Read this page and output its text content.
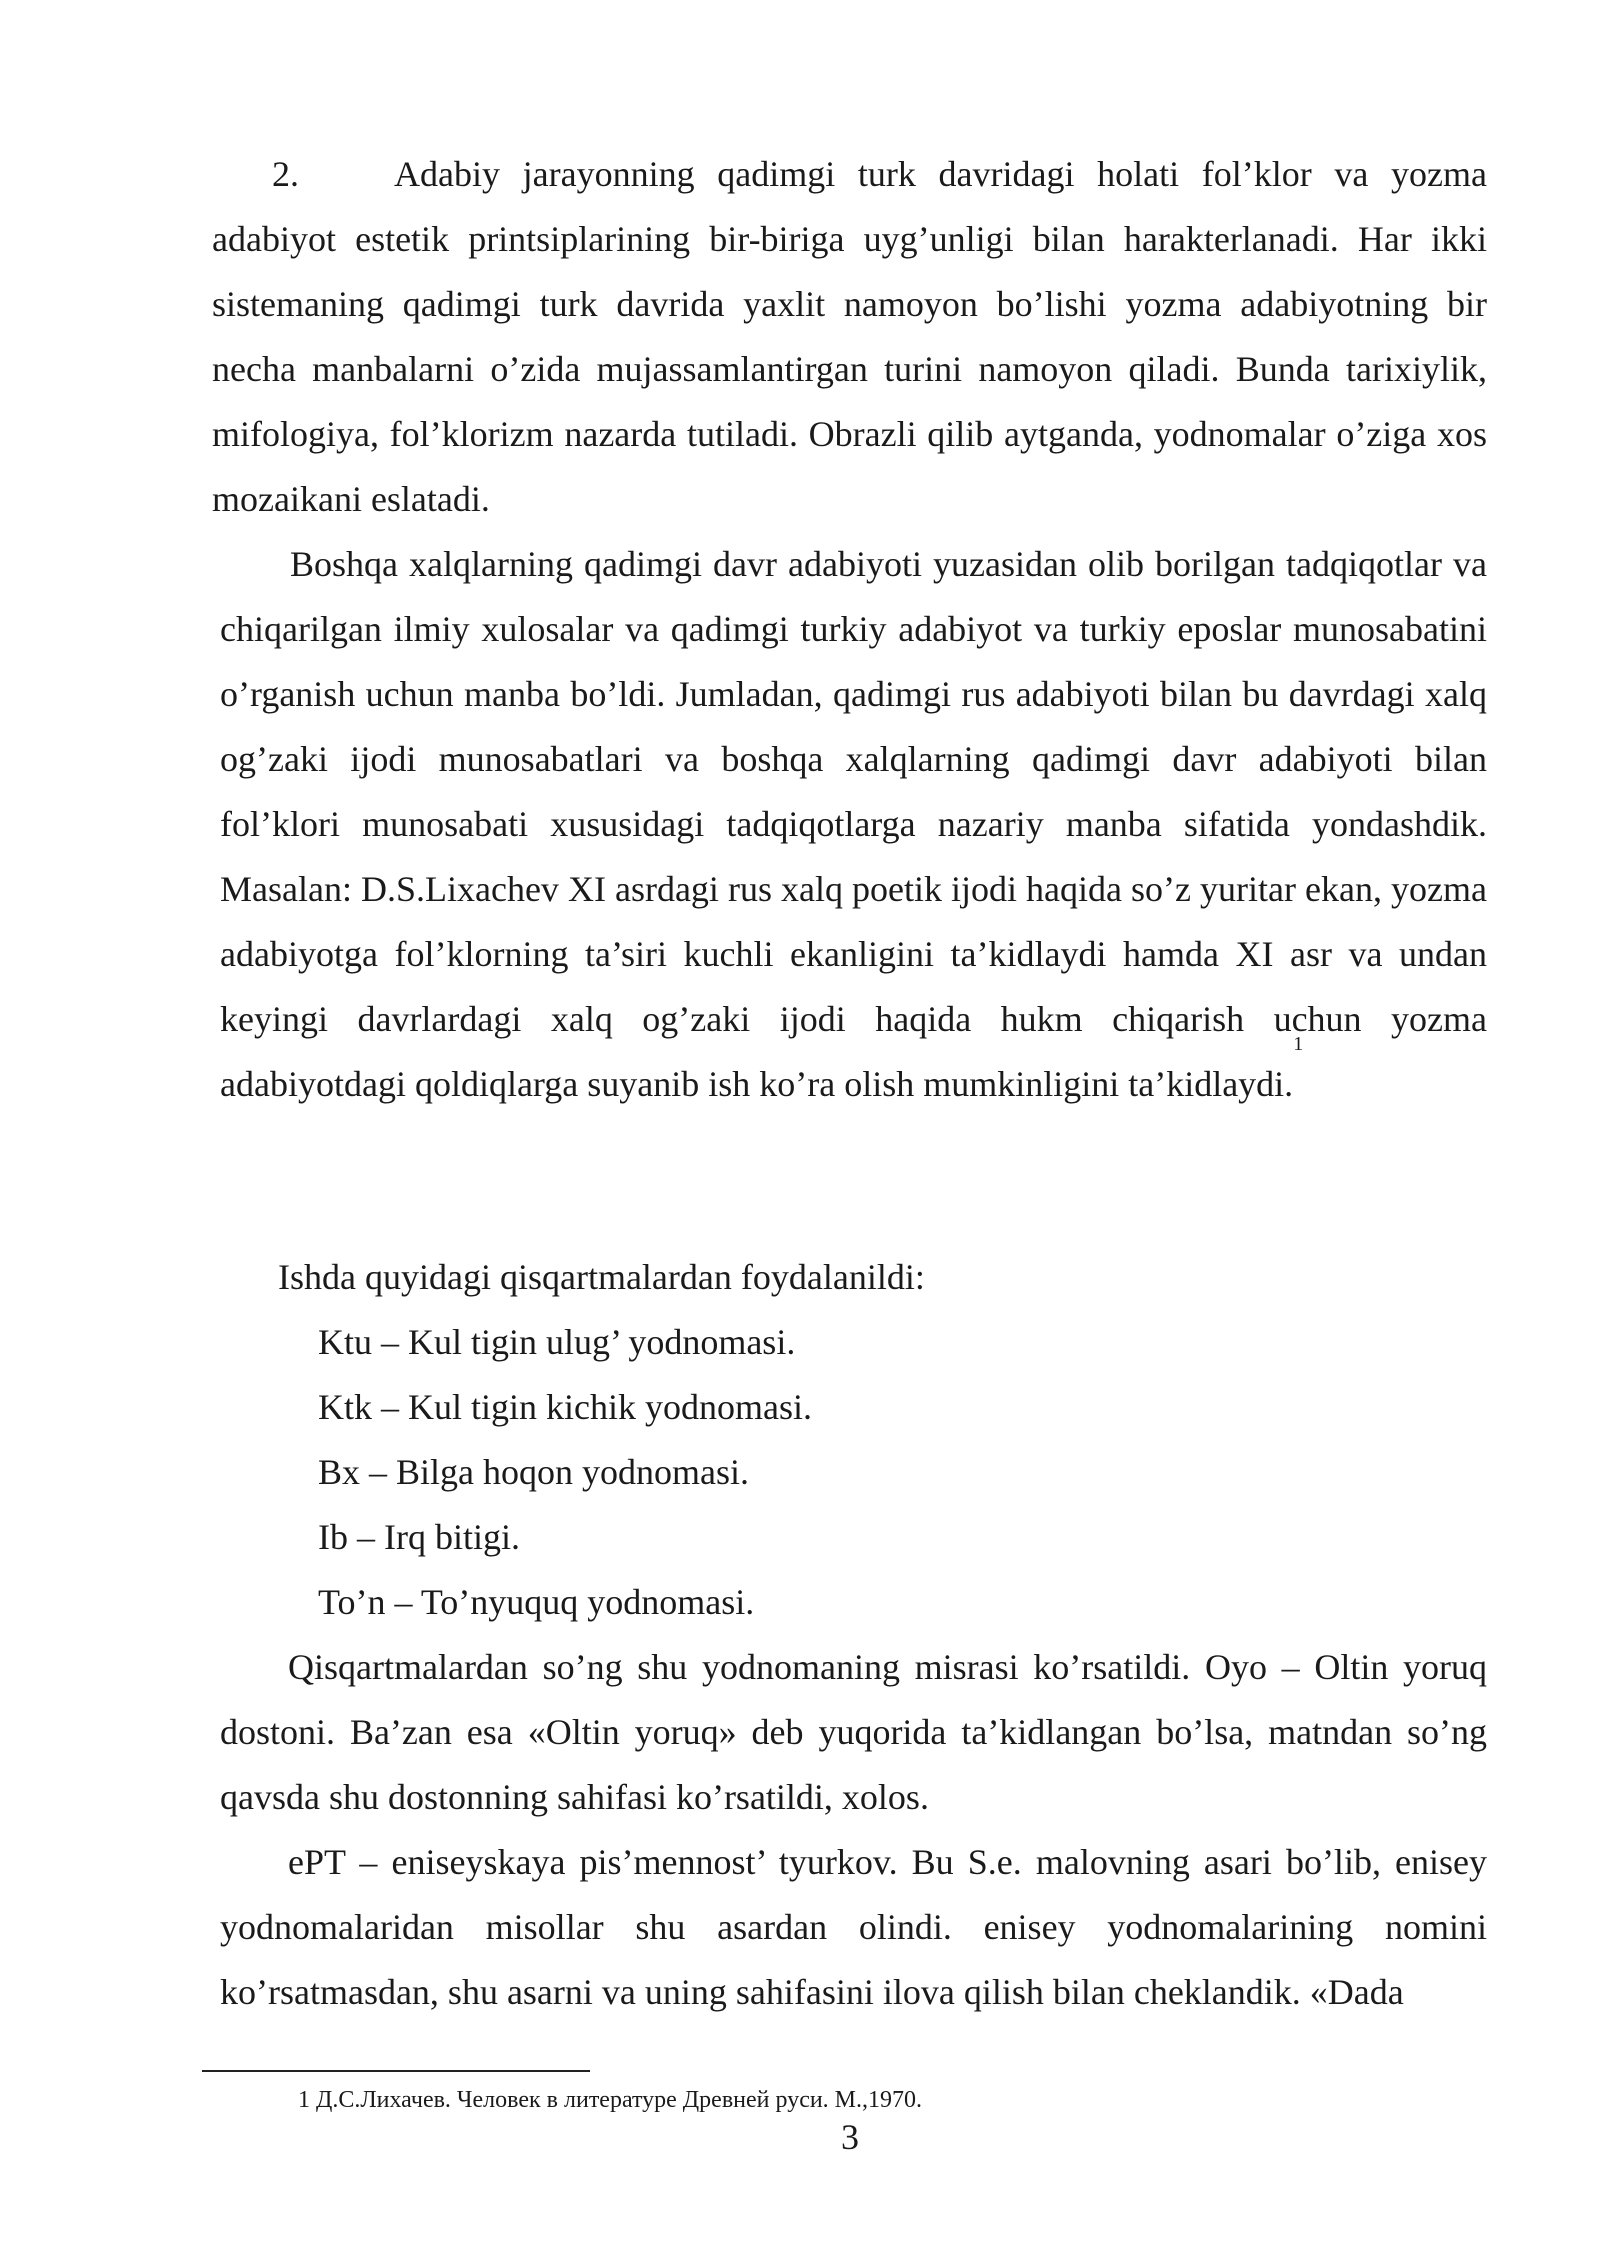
2.	Adabiy jarayonning qadimgi turk davridagi holati fol’klor va yozma adabiyot estetik printsiplarining bir-biriga uyg’unligi bilan harakterlanadi. Har ikki sistemaning qadimgi turk davrida yaxlit namoyon bo’lishi yozma adabiyotning bir necha manbalarni o’zida mujassamlantirgan turini namoyon qiladi. Bunda tarixiylik, mifologiya, fol’klorizm nazarda tutiladi. Obrazli qilib aytganda, yodnomalar o’ziga xos mozaikani eslatadi.

Boshqa xalqlarning qadimgi davr adabiyoti yuzasidan olib borilgan tadqiqotlar va chiqarilgan ilmiy xulosalar va qadimgi turkiy adabiyot va turkiy eposlar munosabatini o’rganish uchun manba bo’ldi. Jumladan, qadimgi rus adabiyoti bilan bu davrdagi xalq og’zaki ijodi munosabatlari va boshqa xalqlarning qadimgi davr adabiyoti bilan fol’klori munosabati xususidagi tadqiqotlarga nazariy manba sifatida yondashdik. Masalan: D.S.Lixachev XI asrdagi rus xalq poetik ijodi haqida so’z yuritar ekan, yozma adabiyotga fol’klorning ta’siri kuchli ekanligini ta’kidlaydi hamda XI asr va undan keyingi davrlardagi xalq og’zaki ijodi haqida hukm chiqarish uchun yozma adabiyotdagi qoldiqlarga suyanib ish ko’ra olish mumkinligini ta’kidlaydi.$^1$

Ishda quyidagi qisqartmalardan foydalanildi:
Ktu – Kul tigin ulug’ yodnomasi.
Ktk – Kul tigin kichik yodnomasi.
Bx – Bilga hoqon yodnomasi.
Ib – Irq bitigi.
To’n – To’nyuquq yodnomasi.

Qisqartmalardan so’ng shu yodnomaning misrasi ko’rsatildi. Oyo – Oltin yoruq dostoni. Ba’zan esa «Oltin yoruq» deb yuqorida ta’kidlangan bo’lsa, matndan so’ng qavsda shu dostonning sahifasi ko’rsatildi, xolos.

ePT – eniseyskaya pis’mennost’ tyurkov. Bu S.e. malovning asari bo’lib, enisey yodnomalaridan misollar shu asardan olindi. enisey yodnomalarining nomini ko’rsatmasdan, shu asarni va uning sahifasini ilova qilish bilan cheklandik. «Dada

1 Д.С.Лихачев. Человек в литературе Древней руси. М.,1970.
3
